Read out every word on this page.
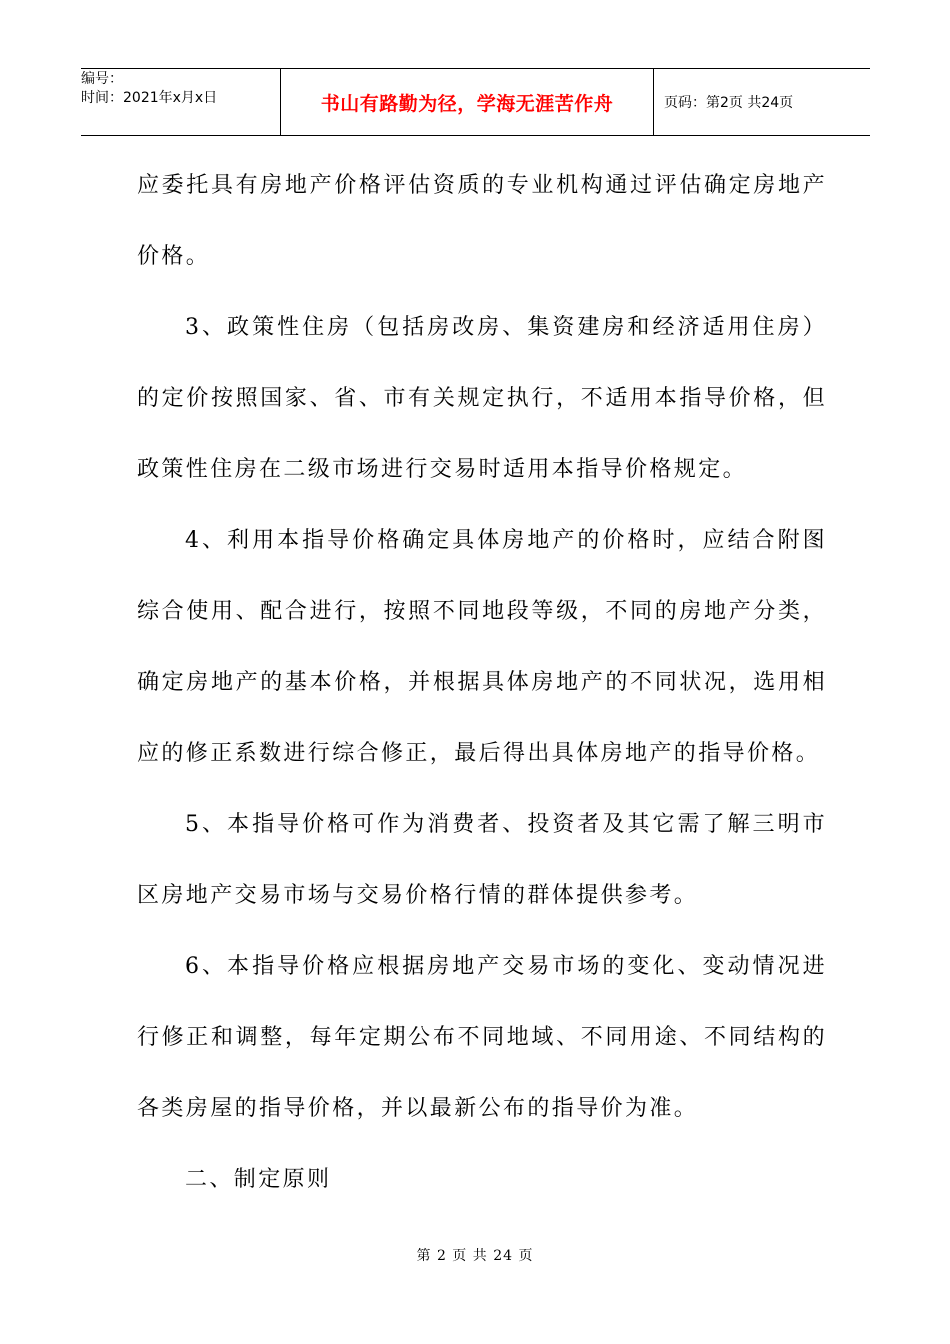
编号：
时间：2021年x月x日	书山有路勤为径，学海无涯苦作舟	页码：第2页 共24页

应委托具有房地产价格评估资质的专业机构通过评估确定房地产价格。

3、政策性住房（包括房改房、集资建房和经济适用住房）的定价按照国家、省、市有关规定执行，不适用本指导价格，但政策性住房在二级市场进行交易时适用本指导价格规定。

4、利用本指导价格确定具体房地产的价格时，应结合附图综合使用、配合进行，按照不同地段等级，不同的房地产分类，确定房地产的基本价格，并根据具体房地产的不同状况，选用相应的修正系数进行综合修正，最后得出具体房地产的指导价格。

5、本指导价格可作为消费者、投资者及其它需了解三明市区房地产交易市场与交易价格行情的群体提供参考。

6、本指导价格应根据房地产交易市场的变化、变动情况进行修正和调整，每年定期公布不同地域、不同用途、不同结构的各类房屋的指导价格，并以最新公布的指导价为准。

二、制定原则

第 2 页 共 24 页
